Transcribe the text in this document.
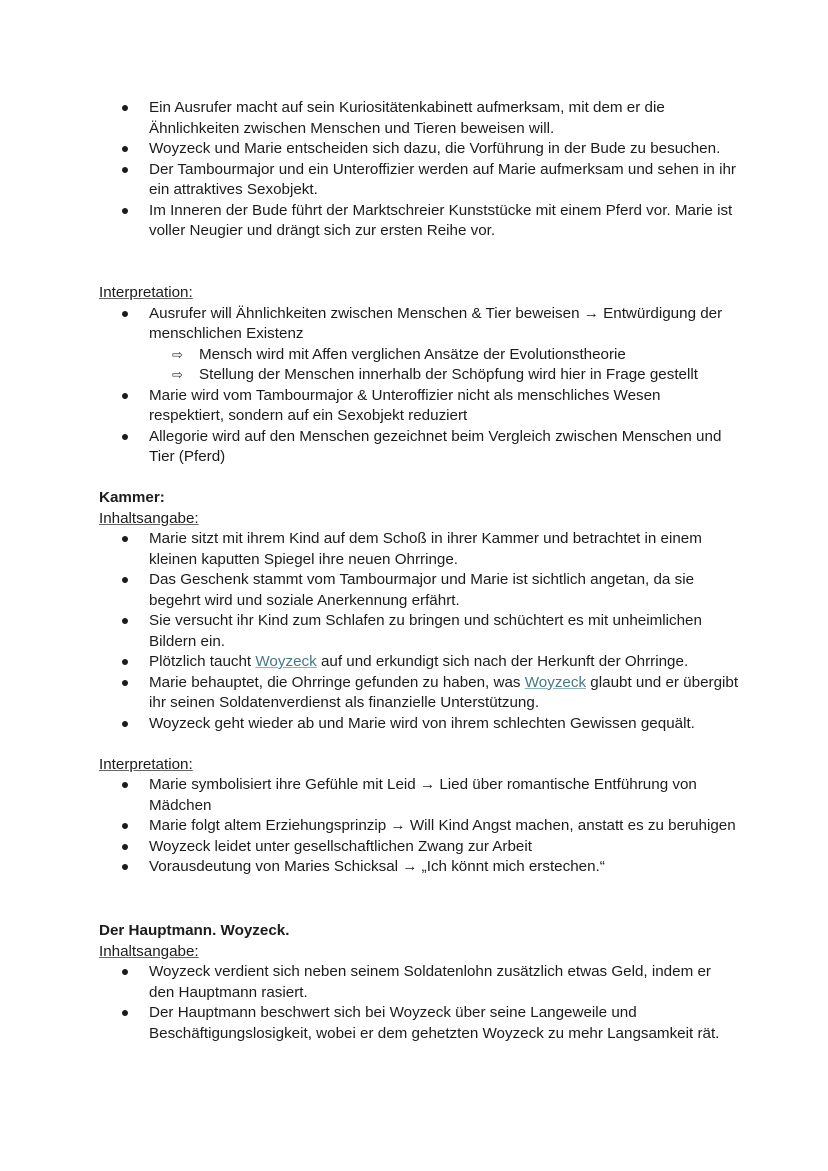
Ein Ausrufer macht auf sein Kuriositätenkabinett aufmerksam, mit dem er die Ähnlichkeiten zwischen Menschen und Tieren beweisen will.
Woyzeck und Marie entscheiden sich dazu, die Vorführung in der Bude zu besuchen.
Der Tambourmajor und ein Unteroffizier werden auf Marie aufmerksam und sehen in ihr ein attraktives Sexobjekt.
Im Inneren der Bude führt der Marktschreier Kunststücke mit einem Pferd vor. Marie ist voller Neugier und drängt sich zur ersten Reihe vor.
Interpretation:
Ausrufer will Ähnlichkeiten zwischen Menschen & Tier beweisen → Entwürdigung der menschlichen Existenz
⇨ Mensch wird mit Affen verglichen Ansätze der Evolutionstheorie
⇨ Stellung der Menschen innerhalb der Schöpfung wird hier in Frage gestellt
Marie wird vom Tambourmajor & Unteroffizier nicht als menschliches Wesen respektiert, sondern auf ein Sexobjekt reduziert
Allegorie wird auf den Menschen gezeichnet beim Vergleich zwischen Menschen und Tier (Pferd)
Kammer:
Inhaltsangabe:
Marie sitzt mit ihrem Kind auf dem Schoß in ihrer Kammer und betrachtet in einem kleinen kaputten Spiegel ihre neuen Ohrringe.
Das Geschenk stammt vom Tambourmajor und Marie ist sichtlich angetan, da sie begehrt wird und soziale Anerkennung erfährt.
Sie versucht ihr Kind zum Schlafen zu bringen und schüchtert es mit unheimlichen Bildern ein.
Plötzlich taucht Woyzeck auf und erkundigt sich nach der Herkunft der Ohrringe.
Marie behauptet, die Ohrringe gefunden zu haben, was Woyzeck glaubt und er übergibt ihr seinen Soldatenverdienst als finanzielle Unterstützung.
Woyzeck geht wieder ab und Marie wird von ihrem schlechten Gewissen gequält.
Interpretation:
Marie symbolisiert ihre Gefühle mit Leid → Lied über romantische Entführung von Mädchen
Marie folgt altem Erziehungsprinzip → Will Kind Angst machen, anstatt es zu beruhigen
Woyzeck leidet unter gesellschaftlichen Zwang zur Arbeit
Vorausdeutung von Maries Schicksal → „Ich könnt mich erstechen.“
Der Hauptmann. Woyzeck.
Inhaltsangabe:
Woyzeck verdient sich neben seinem Soldatenlohn zusätzlich etwas Geld, indem er den Hauptmann rasiert.
Der Hauptmann beschwert sich bei Woyzeck über seine Langeweile und Beschäftigungslosigkeit, wobei er dem gehetzten Woyzeck zu mehr Langsamkeit rät.
